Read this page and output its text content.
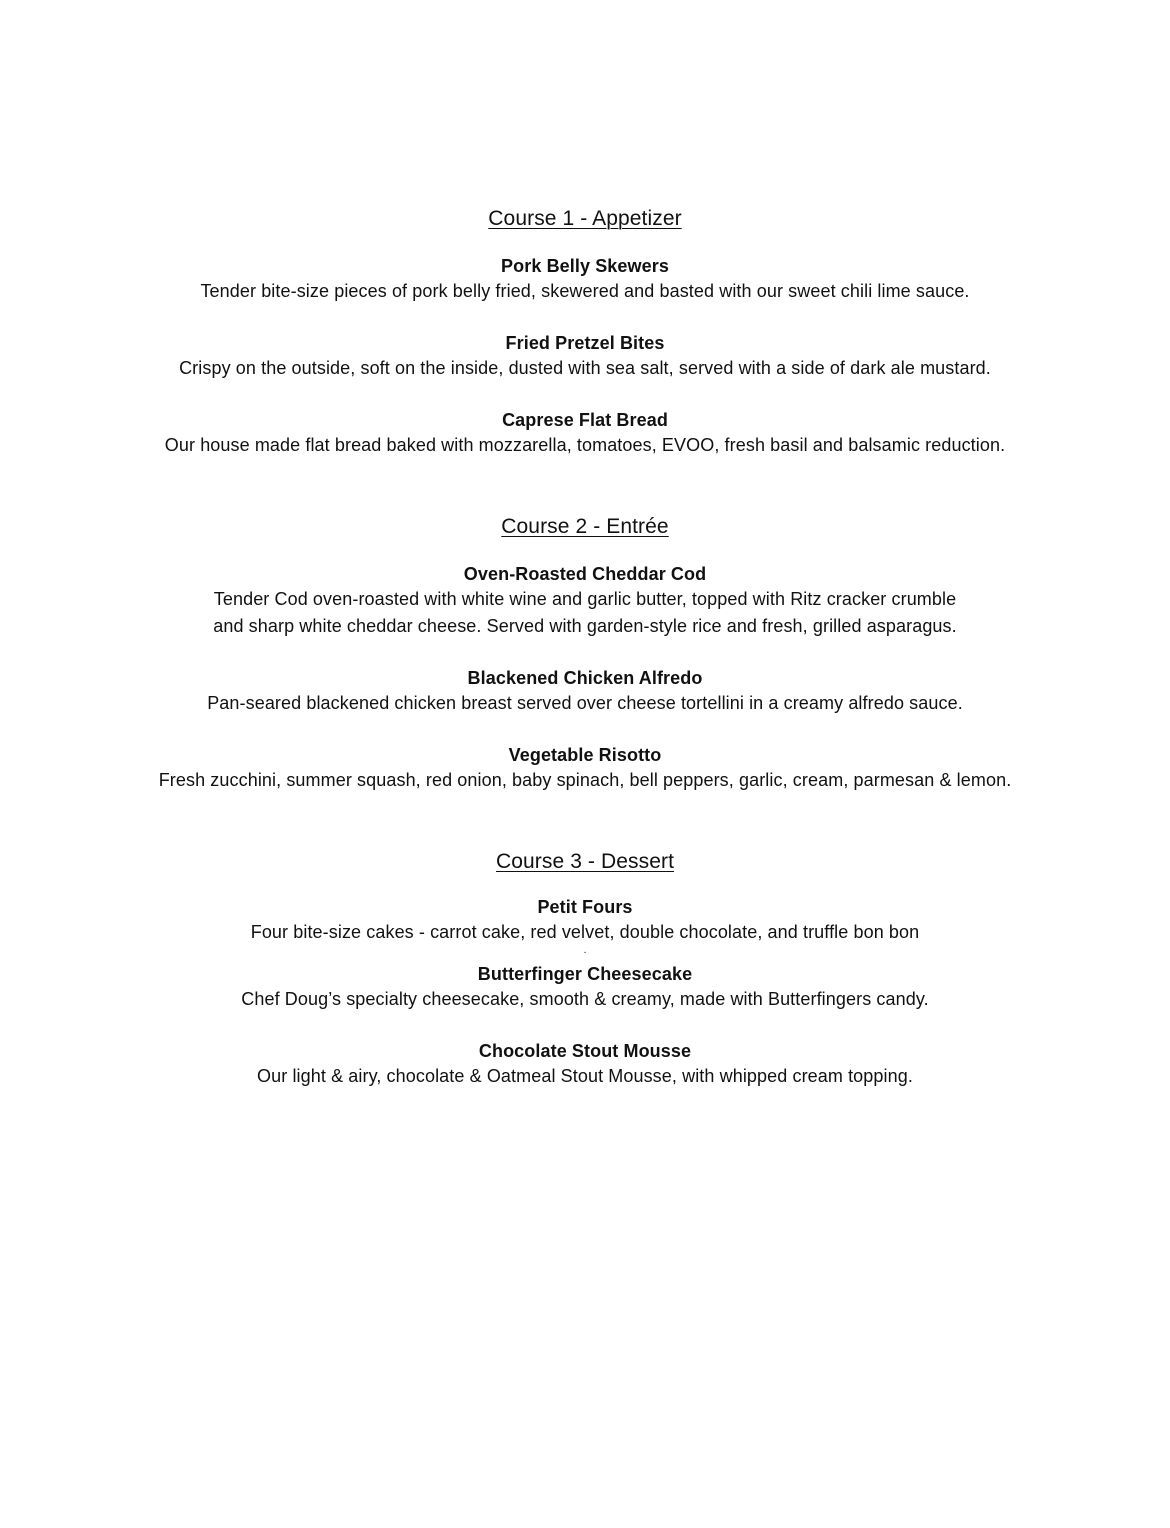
Course 1 - Appetizer
Pork Belly Skewers
Tender bite-size pieces of pork belly fried, skewered and basted with our sweet chili lime sauce.
Fried Pretzel Bites
Crispy on the outside, soft on the inside, dusted with sea salt, served with a side of dark ale mustard.
Caprese Flat Bread
Our house made flat bread baked with mozzarella, tomatoes, EVOO, fresh basil and balsamic reduction.
Course 2 - Entrée
Oven-Roasted Cheddar Cod
Tender Cod oven-roasted with white wine and garlic butter, topped with Ritz cracker crumble
and sharp white cheddar cheese. Served with garden-style rice and fresh, grilled asparagus.
Blackened Chicken Alfredo
Pan-seared blackened chicken breast served over cheese tortellini in a creamy alfredo sauce.
Vegetable Risotto
Fresh zucchini, summer squash, red onion, baby spinach, bell peppers, garlic, cream, parmesan & lemon.
Course 3 - Dessert
Petit Fours
Four bite-size cakes - carrot cake, red velvet, double chocolate, and truffle bon bon
.
Butterfinger Cheesecake
Chef Doug’s specialty cheesecake, smooth & creamy, made with Butterfingers candy.
Chocolate Stout Mousse
Our light & airy, chocolate & Oatmeal Stout Mousse, with whipped cream topping.
